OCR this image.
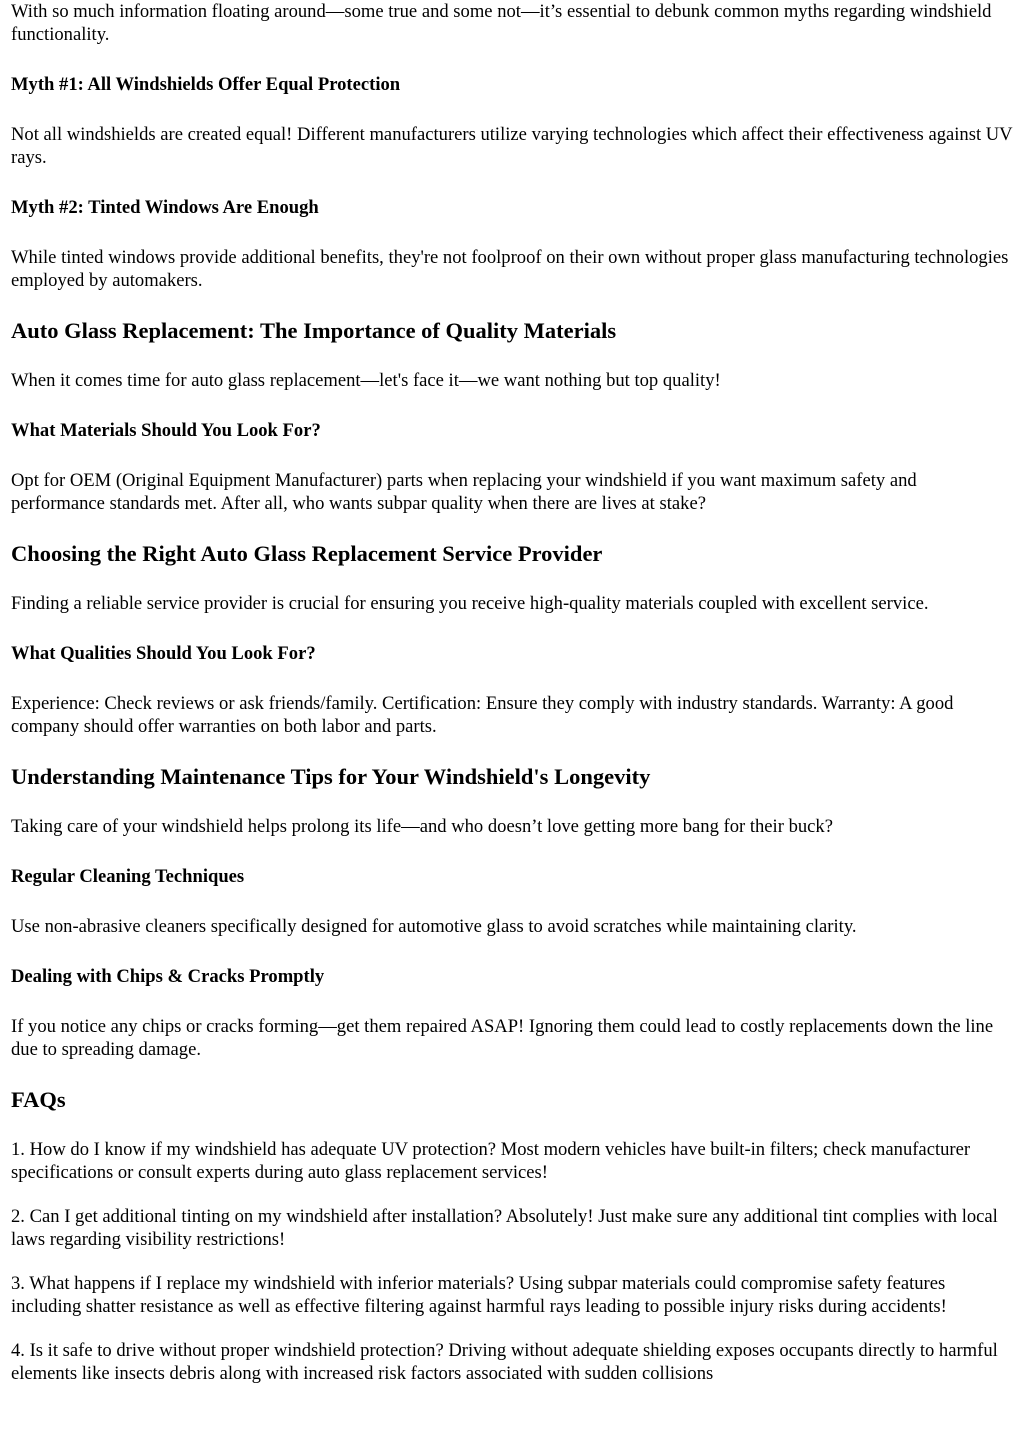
With so much information floating around—some true and some not—it’s essential to debunk common myths regarding windshield functionality.

Myth #1: All Windshields Offer Equal Protection

Not all windshields are created equal! Different manufacturers utilize varying technologies which affect their effectiveness against UV rays.

Myth #2: Tinted Windows Are Enough

While tinted windows provide additional benefits, they're not foolproof on their own without proper glass manufacturing technologies employed by automakers.

Auto Glass Replacement: The Importance of Quality Materials

When it comes time for auto glass replacement—let's face it—we want nothing but top quality!

What Materials Should You Look For?

Opt for OEM (Original Equipment Manufacturer) parts when replacing your windshield if you want maximum safety and performance standards met. After all, who wants subpar quality when there are lives at stake?

Choosing the Right Auto Glass Replacement Service Provider

Finding a reliable service provider is crucial for ensuring you receive high-quality materials coupled with excellent service.

What Qualities Should You Look For?

Experience: Check reviews or ask friends/family. Certification: Ensure they comply with industry standards. Warranty: A good company should offer warranties on both labor and parts.

Understanding Maintenance Tips for Your Windshield's Longevity

Taking care of your windshield helps prolong its life—and who doesn’t love getting more bang for their buck?

Regular Cleaning Techniques

Use non-abrasive cleaners specifically designed for automotive glass to avoid scratches while maintaining clarity.

Dealing with Chips & Cracks Promptly

If you notice any chips or cracks forming—get them repaired ASAP! Ignoring them could lead to costly replacements down the line due to spreading damage.

FAQs

1. How do I know if my windshield has adequate UV protection? Most modern vehicles have built-in filters; check manufacturer specifications or consult experts during auto glass replacement services!

2. Can I get additional tinting on my windshield after installation? Absolutely! Just make sure any additional tint complies with local laws regarding visibility restrictions!

3. What happens if I replace my windshield with inferior materials? Using subpar materials could compromise safety features including shatter resistance as well as effective filtering against harmful rays leading to possible injury risks during accidents!

4. Is it safe to drive without proper windshield protection? Driving without adequate shielding exposes occupants directly to harmful elements like insects debris along with increased risk factors associated with sudden collisions
